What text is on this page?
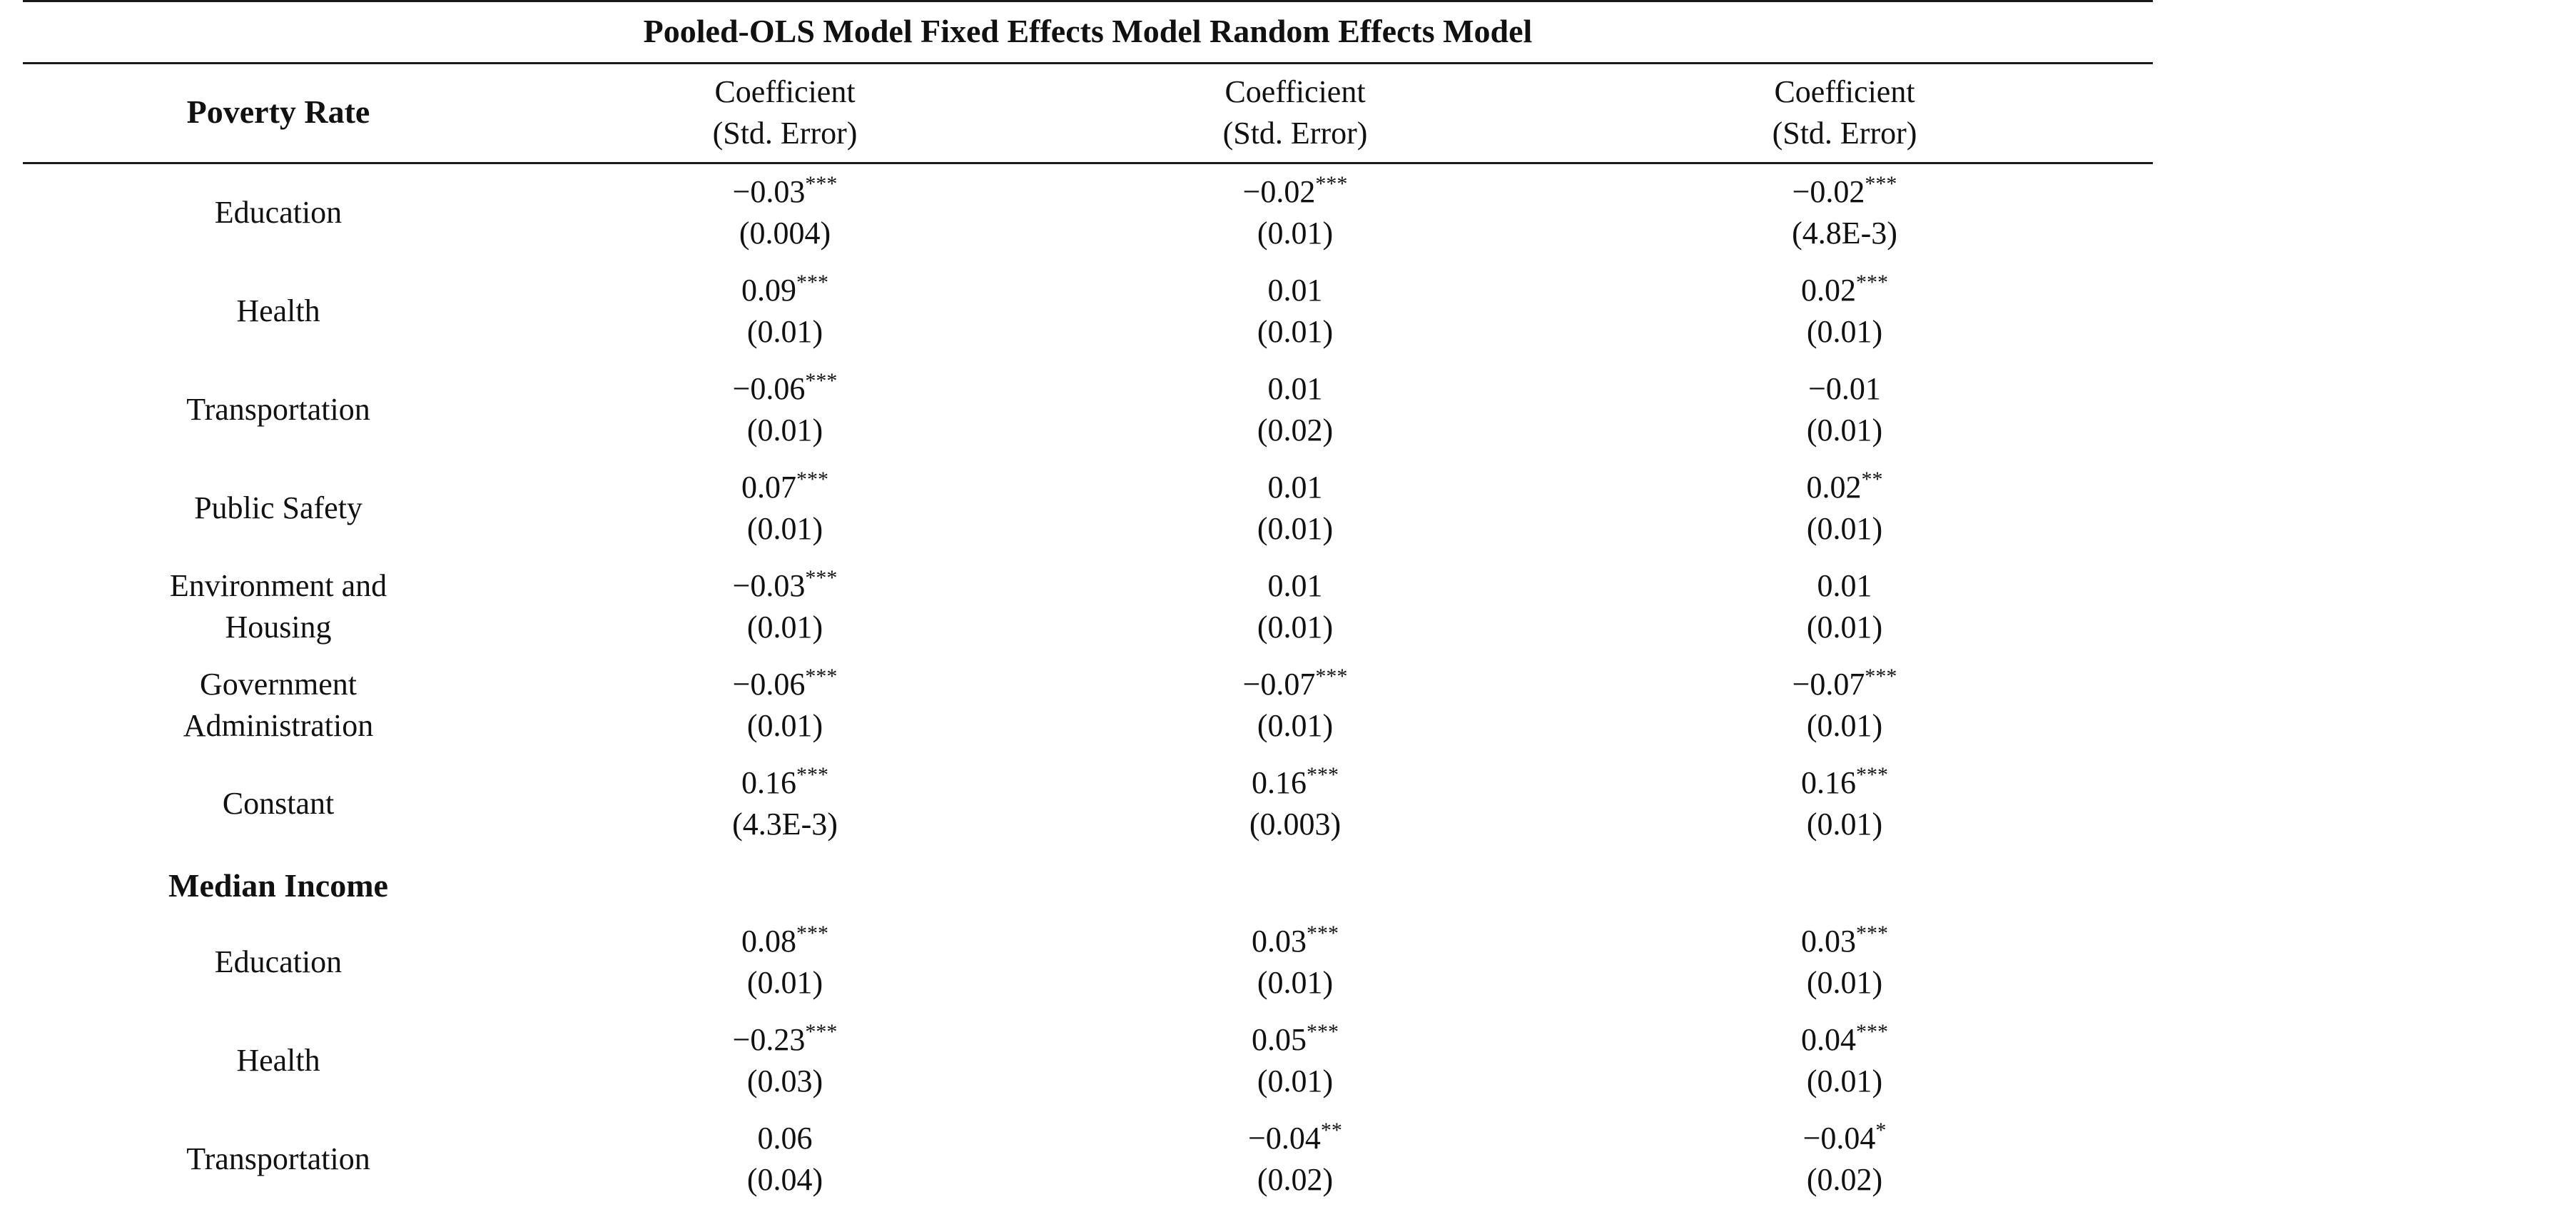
Pooled-OLS Model Fixed Effects Model Random Effects Model
Poverty Rate
Coefficient
(Std. Error)
Coefficient
(Std. Error)
Coefficient
(Std. Error)
Education
−0.03***
(0.004)
−0.02***
(0.01)
−0.02***
(4.8E-3)
Health
0.09***
(0.01)
0.01
(0.01)
0.02***
(0.01)
Transportation
−0.06***
(0.01)
0.01
(0.02)
−0.01
(0.01)
Public Safety
0.07***
(0.01)
0.01
(0.01)
0.02**
(0.01)
Environment and
Housing
−0.03***
(0.01)
0.01
(0.01)
0.01
(0.01)
Government
Administration
−0.06***
(0.01)
−0.07***
(0.01)
−0.07***
(0.01)
Constant
0.16***
(4.3E-3)
0.16***
(0.003)
0.16***
(0.01)
Median Income
Education
0.08***
(0.01)
0.03***
(0.01)
0.03***
(0.01)
Health
−0.23***
(0.03)
0.05***
(0.01)
0.04***
(0.01)
Transportation
0.06
(0.04)
−0.04**
(0.02)
−0.04*
(0.02)
